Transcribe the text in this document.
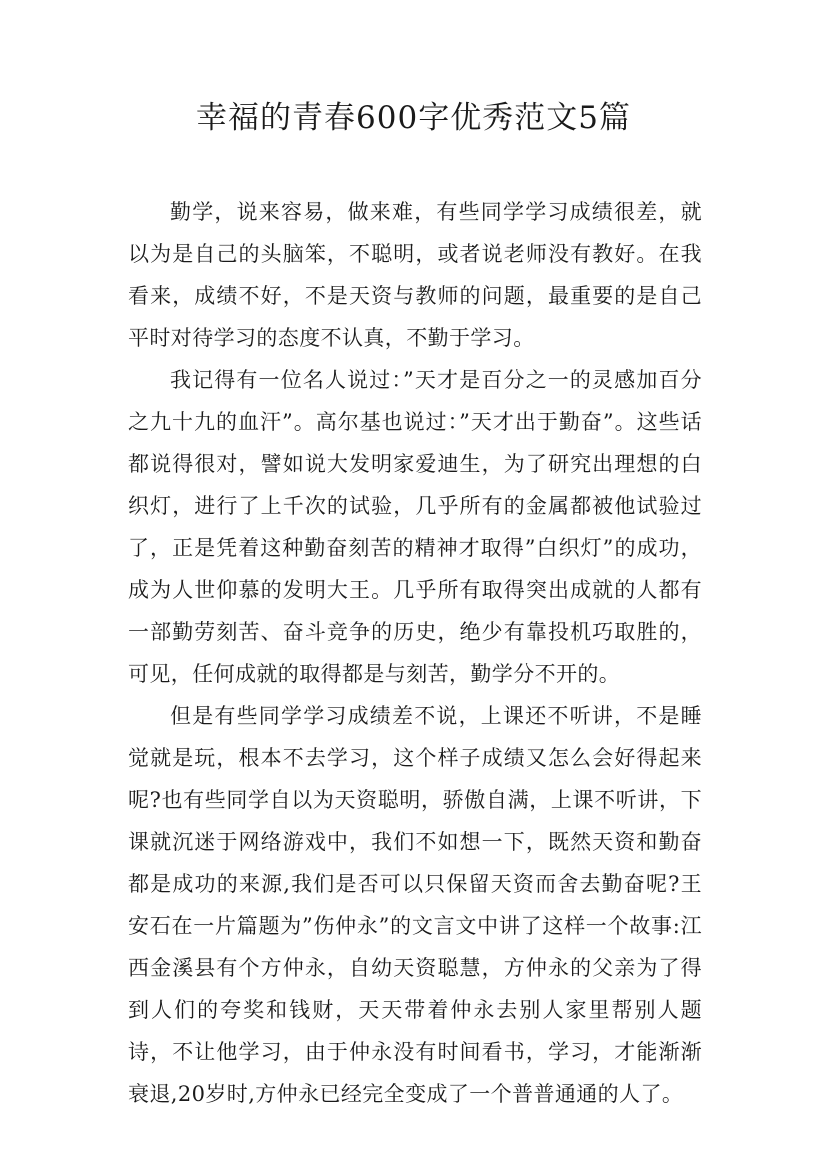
幸福的青春600字优秀范文5篇

勤学，说来容易，做来难，有些同学学习成绩很差，就以为是自己的头脑笨，不聪明，或者说老师没有教好。在我看来，成绩不好，不是天资与教师的问题，最重要的是自己平时对待学习的态度不认真，不勤于学习。

我记得有一位名人说过：”天才是百分之一的灵感加百分之九十九的血汗”。高尔基也说过：”天才出于勤奋”。这些话都说得很对，譬如说大发明家爱迪生，为了研究出理想的白织灯，进行了上千次的试验，几乎所有的金属都被他试验过了，正是凭着这种勤奋刻苦的精神才取得”白织灯”的成功，成为人世仰慕的发明大王。几乎所有取得突出成就的人都有一部勤劳刻苦、奋斗竞争的历史，绝少有靠投机巧取胜的，可见，任何成就的取得都是与刻苦，勤学分不开的。

但是有些同学学习成绩差不说，上课还不听讲，不是睡觉就是玩，根本不去学习，这个样子成绩又怎么会好得起来呢?也有些同学自以为天资聪明，骄傲自满，上课不听讲，下课就沉迷于网络游戏中，我们不如想一下，既然天资和勤奋都是成功的来源,我们是否可以只保留天资而舍去勤奋呢?王安石在一片篇题为”伤仲永”的文言文中讲了这样一个故事:江西金溪县有个方仲永，自幼天资聪慧，方仲永的父亲为了得到人们的夸奖和钱财，天天带着仲永去别人家里帮别人题诗，不让他学习，由于仲永没有时间看书，学习，才能渐渐衰退,20岁时,方仲永已经完全变成了一个普普通通的人了。
